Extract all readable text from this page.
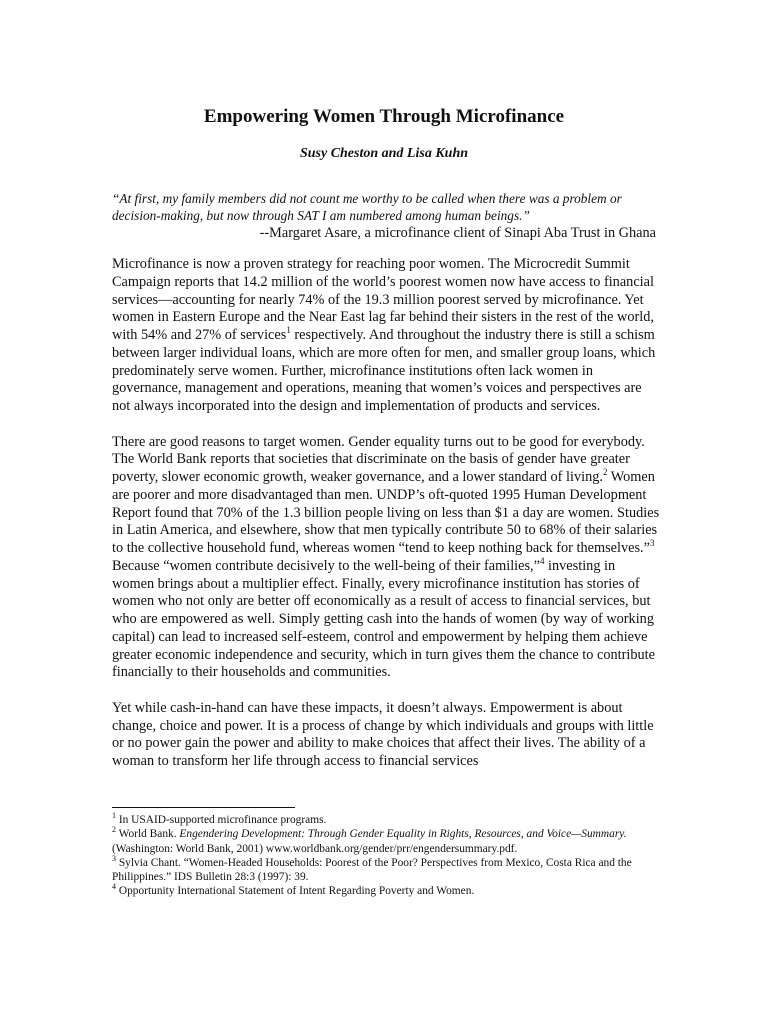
Empowering Women Through Microfinance
Susy Cheston and Lisa Kuhn
“At first, my family members did not count me worthy to be called when there was a problem or decision-making, but now through SAT I am numbered among human beings.”
--Margaret Asare, a microfinance client of Sinapi Aba Trust in Ghana

Microfinance is now a proven strategy for reaching poor women. The Microcredit Summit Campaign reports that 14.2 million of the world’s poorest women now have access to financial services—accounting for nearly 74% of the 19.3 million poorest served by microfinance. Yet women in Eastern Europe and the Near East lag far behind their sisters in the rest of the world, with 54% and 27% of services$^1$ respectively. And throughout the industry there is still a schism between larger individual loans, which are more often for men, and smaller group loans, which predominately serve women. Further, microfinance institutions often lack women in governance, management and operations, meaning that women’s voices and perspectives are not always incorporated into the design and implementation of products and services.

There are good reasons to target women. Gender equality turns out to be good for everybody. The World Bank reports that societies that discriminate on the basis of gender have greater poverty, slower economic growth, weaker governance, and a lower standard of living.$^2$ Women are poorer and more disadvantaged than men. UNDP’s oft-quoted 1995 Human Development Report found that 70% of the 1.3 billion people living on less than $1 a day are women. Studies in Latin America, and elsewhere, show that men typically contribute 50 to 68% of their salaries to the collective household fund, whereas women “tend to keep nothing back for themselves.”$^3$ Because “women contribute decisively to the well-being of their families,”$^4$ investing in women brings about a multiplier effect. Finally, every microfinance institution has stories of women who not only are better off economically as a result of access to financial services, but who are empowered as well. Simply getting cash into the hands of women (by way of working capital) can lead to increased self-esteem, control and empowerment by helping them achieve greater economic independence and security, which in turn gives them the chance to contribute financially to their households and communities.

Yet while cash-in-hand can have these impacts, it doesn’t always. Empowerment is about change, choice and power. It is a process of change by which individuals and groups with little or no power gain the power and ability to make choices that affect their lives. The ability of a woman to transform her life through access to financial services

$^1$ In USAID-supported microfinance programs.
$^2$ World Bank. Engendering Development: Through Gender Equality in Rights, Resources, and Voice—Summary. (Washington: World Bank, 2001) www.worldbank.org/gender/prr/engendersummary.pdf.
$^3$ Sylvia Chant. “Women-Headed Households: Poorest of the Poor? Perspectives from Mexico, Costa Rica and the Philippines.” IDS Bulletin 28:3 (1997): 39.
$^4$ Opportunity International Statement of Intent Regarding Poverty and Women.
